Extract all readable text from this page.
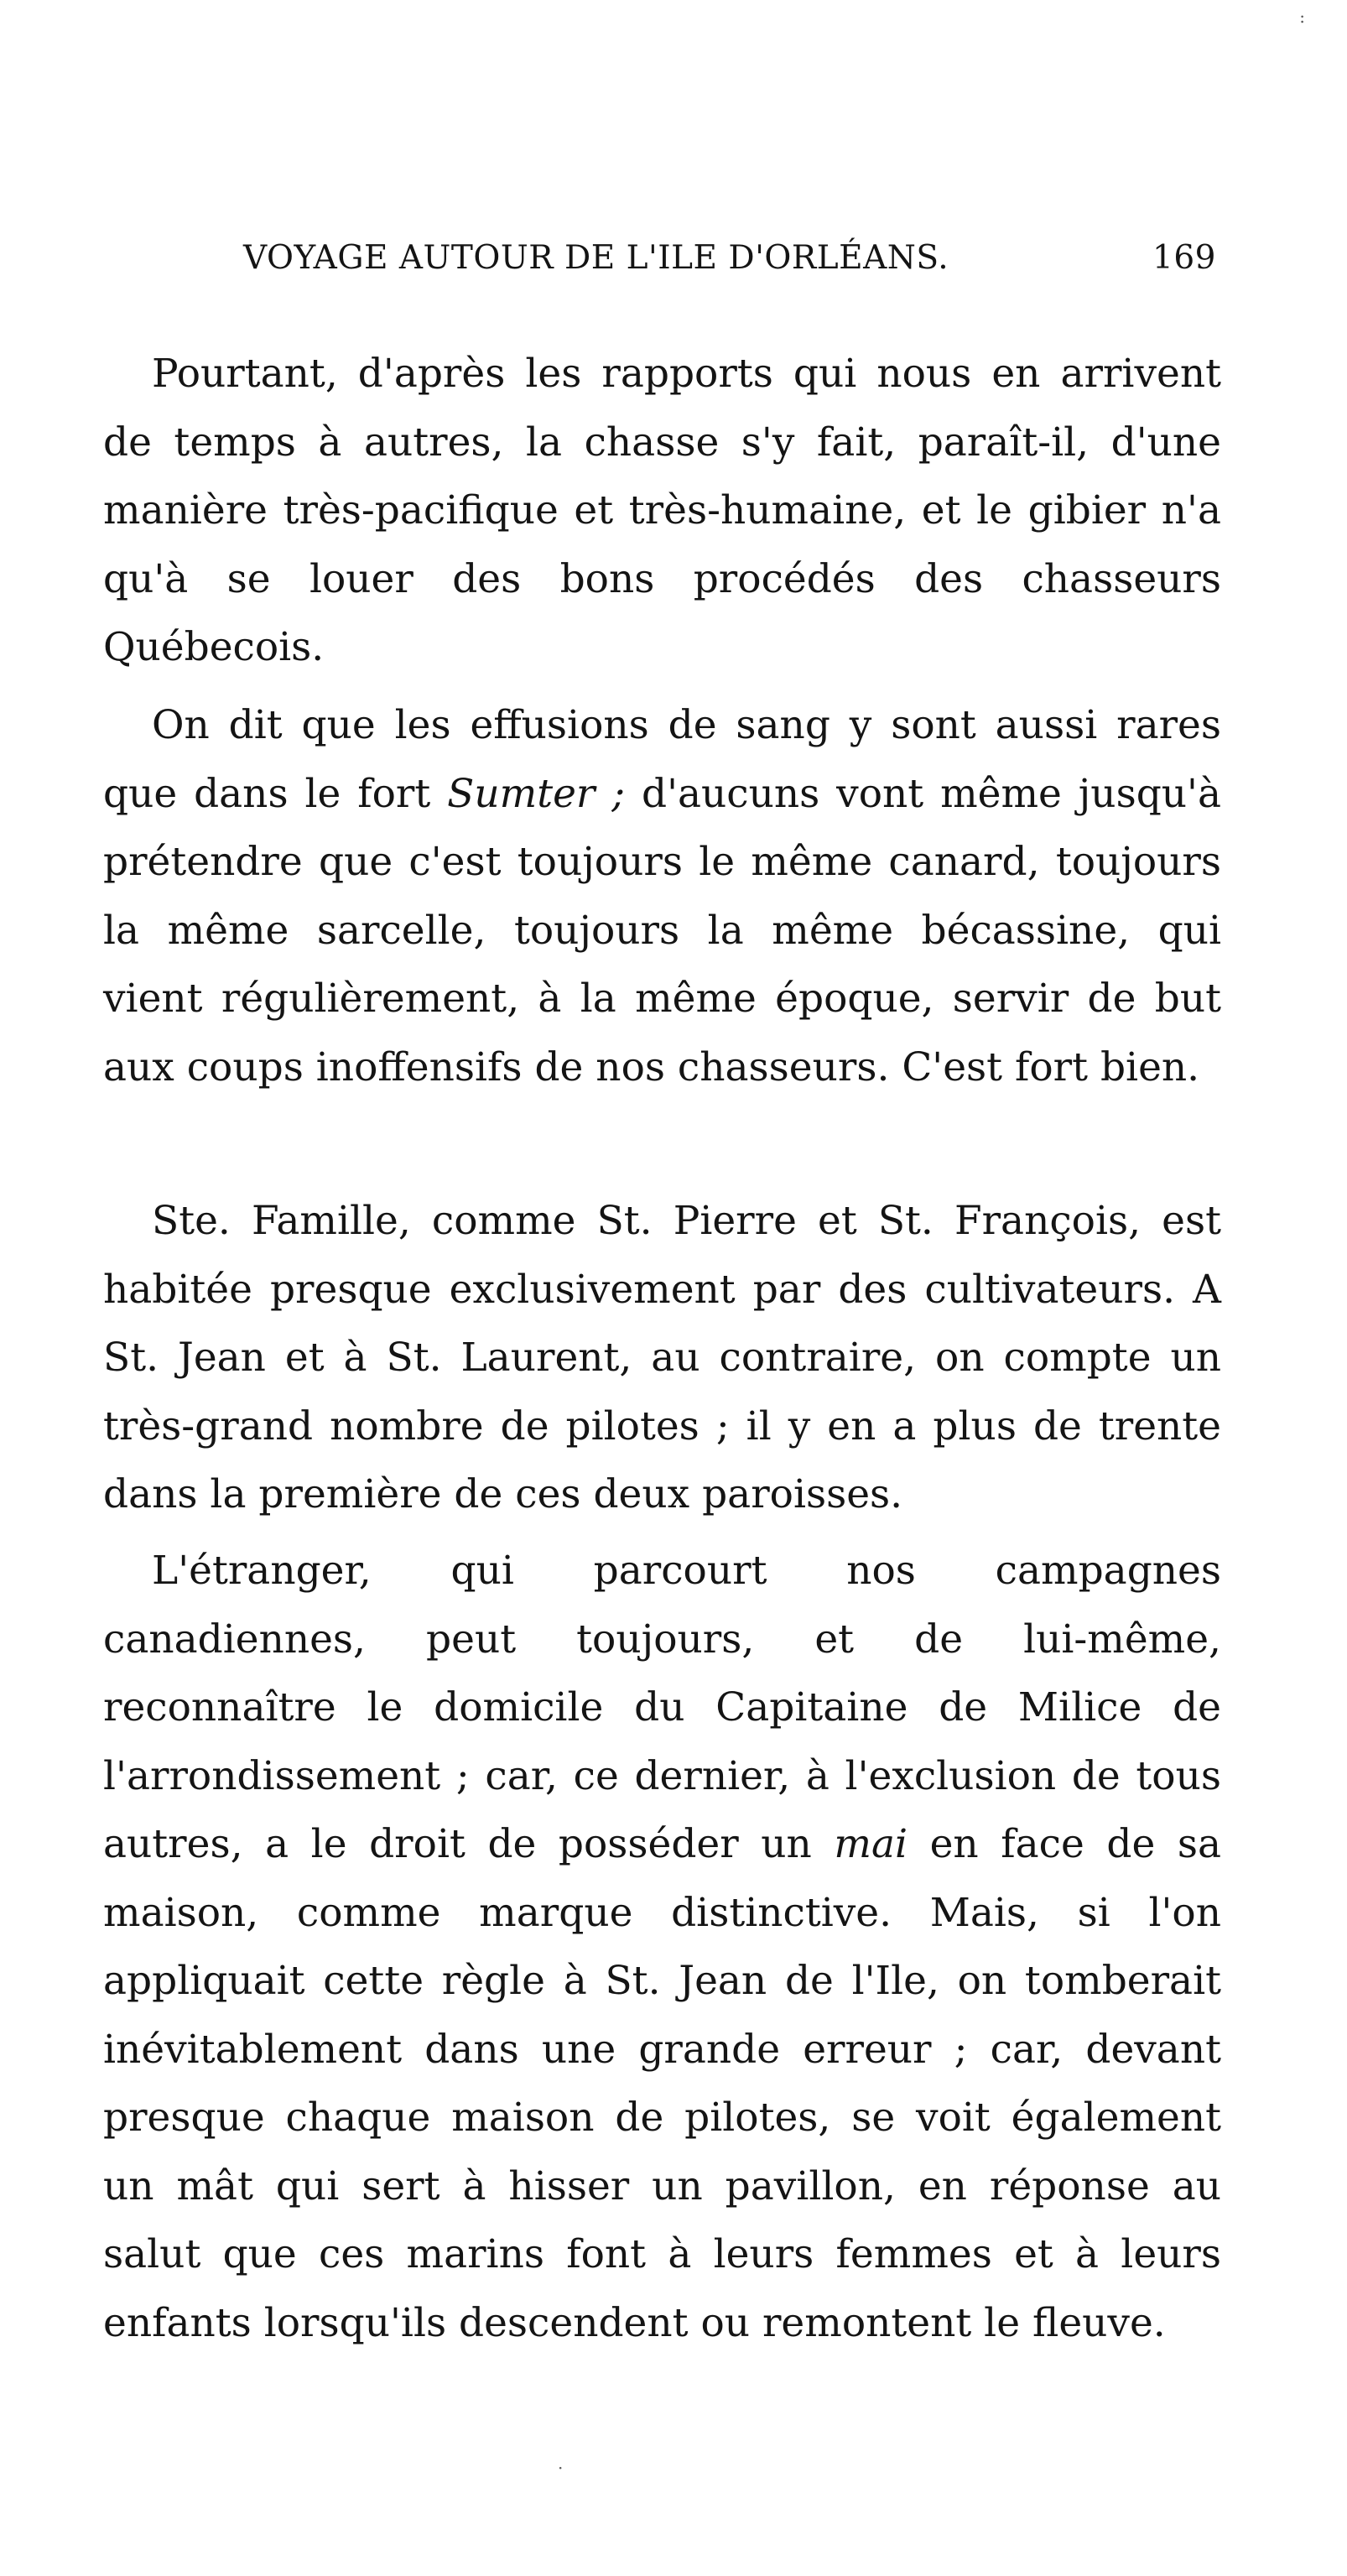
:
VOYAGE AUTOUR DE L'ILE D'ORLÉANS.	169

Pourtant, d'après les rapports qui nous en arrivent de temps à autres, la chasse s'y fait, paraît-il, d'une manière très-pacifique et très-humaine, et le gibier n'a qu'à se louer des bons procédés des chasseurs Québecois.

On dit que les effusions de sang y sont aussi rares que dans le fort Sumter ; d'aucuns vont même jusqu'à prétendre que c'est toujours le même canard, toujours la même sarcelle, toujours la même bécassine, qui vient régulièrement, à la même époque, servir de but aux coups inoffensifs de nos chasseurs. C'est fort bien.

Ste. Famille, comme St. Pierre et St. François, est habitée presque exclusivement par des cultivateurs. A St. Jean et à St. Laurent, au contraire, on compte un très-grand nombre de pilotes ; il y en a plus de trente dans la première de ces deux paroisses.

L'étranger, qui parcourt nos campagnes canadiennes, peut toujours, et de lui-même, reconnaître le domicile du Capitaine de Milice de l'arrondissement ; car, ce dernier, à l'exclusion de tous autres, a le droit de posséder un mai en face de sa maison, comme marque distinctive. Mais, si l'on appliquait cette règle à St. Jean de l'Ile, on tomberait inévitablement dans une grande erreur ; car, devant presque chaque maison de pilotes, se voit également un mât qui sert à hisser un pavillon, en réponse au salut que ces marins font à leurs femmes et à leurs enfants lorsqu'ils descendent ou remontent le fleuve.

·
